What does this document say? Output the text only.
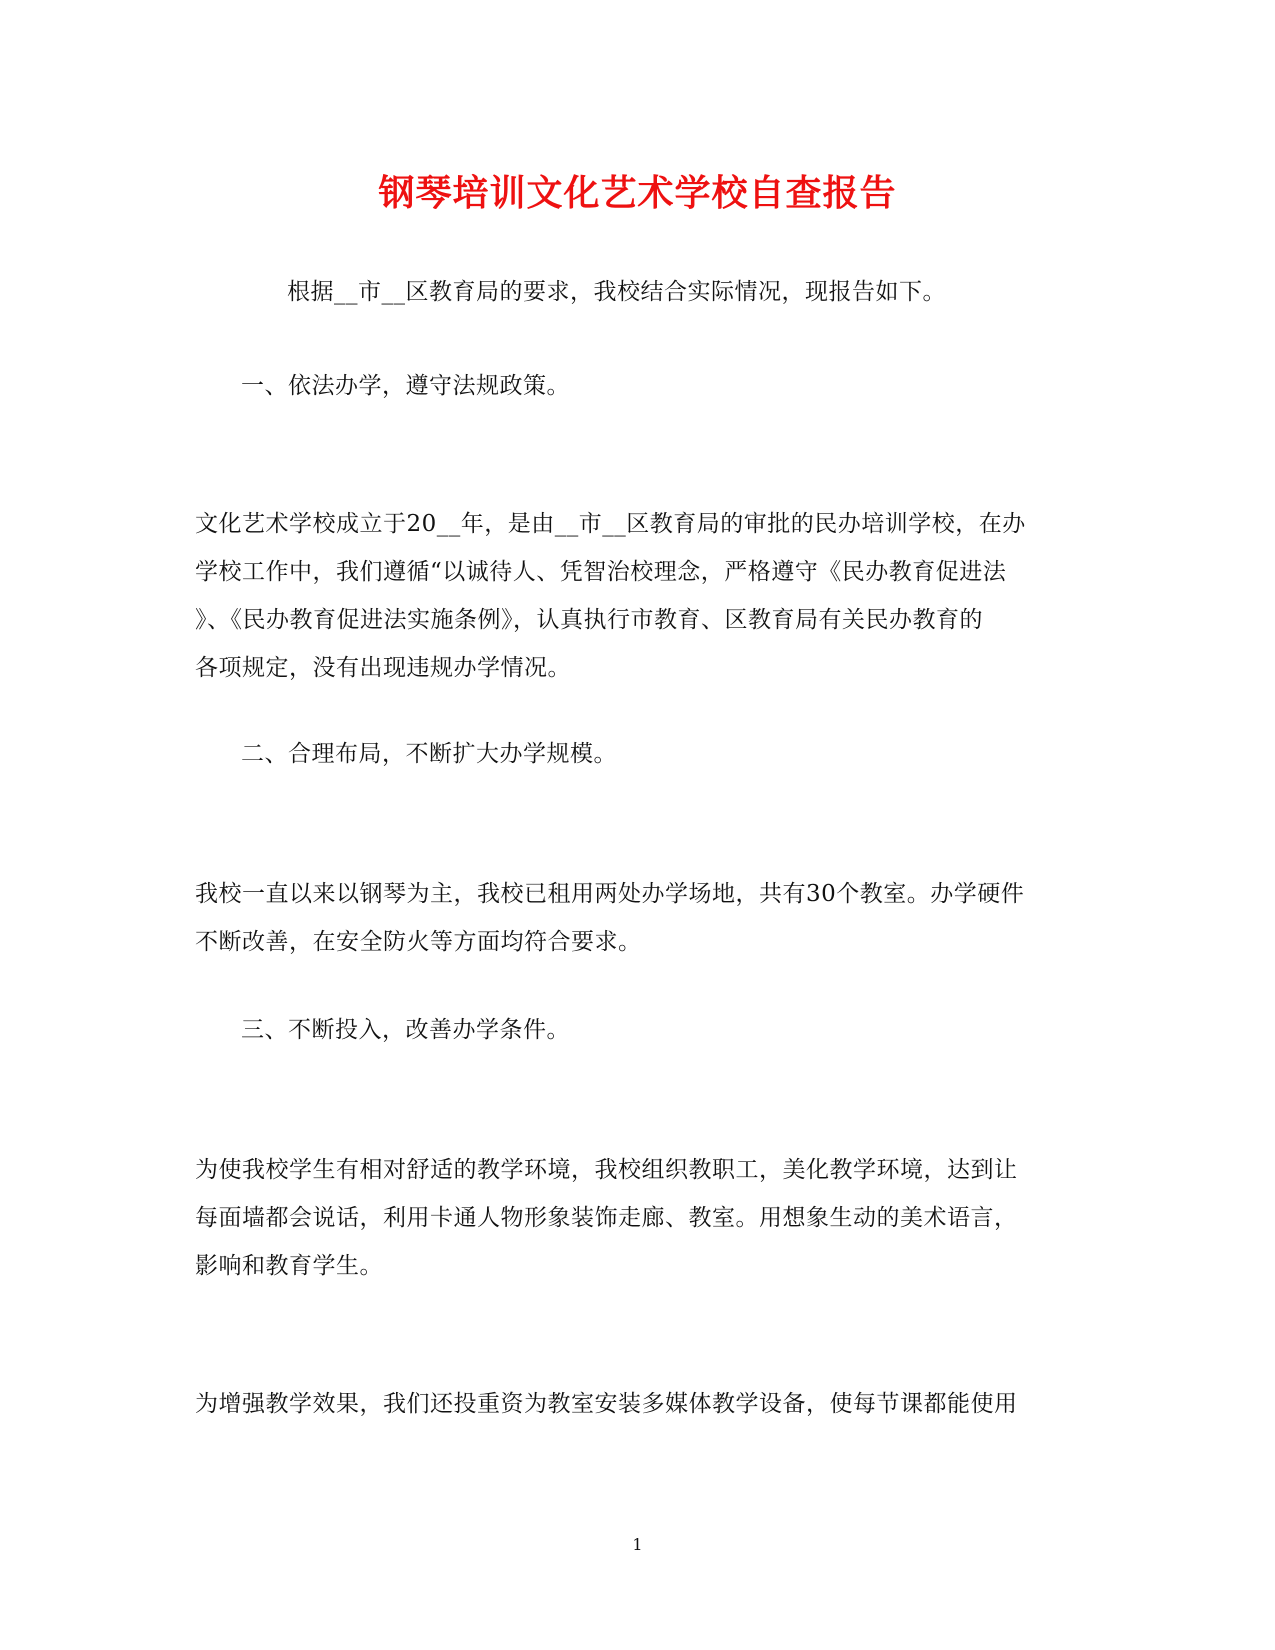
钢琴培训文化艺术学校自查报告
根据__市__区教育局的要求，我校结合实际情况，现报告如下。
一、依法办学，遵守法规政策。
文化艺术学校成立于20__年，是由__市__区教育局的审批的民办培训学校，在办
学校工作中，我们遵循“以诚待人、凭智治校理念，严格遵守《民办教育促进法
》、《民办教育促进法实施条例》，认真执行市教育、区教育局有关民办教育的
各项规定，没有出现违规办学情况。
二、合理布局，不断扩大办学规模。
我校一直以来以钢琴为主，我校已租用两处办学场地，共有30个教室。办学硬件
不断改善，在安全防火等方面均符合要求。
三、不断投入，改善办学条件。
为使我校学生有相对舒适的教学环境，我校组织教职工，美化教学环境，达到让
每面墙都会说话，利用卡通人物形象装饰走廊、教室。用想象生动的美术语言，
影响和教育学生。
为增强教学效果，我们还投重资为教室安装多媒体教学设备，使每节课都能使用
1
